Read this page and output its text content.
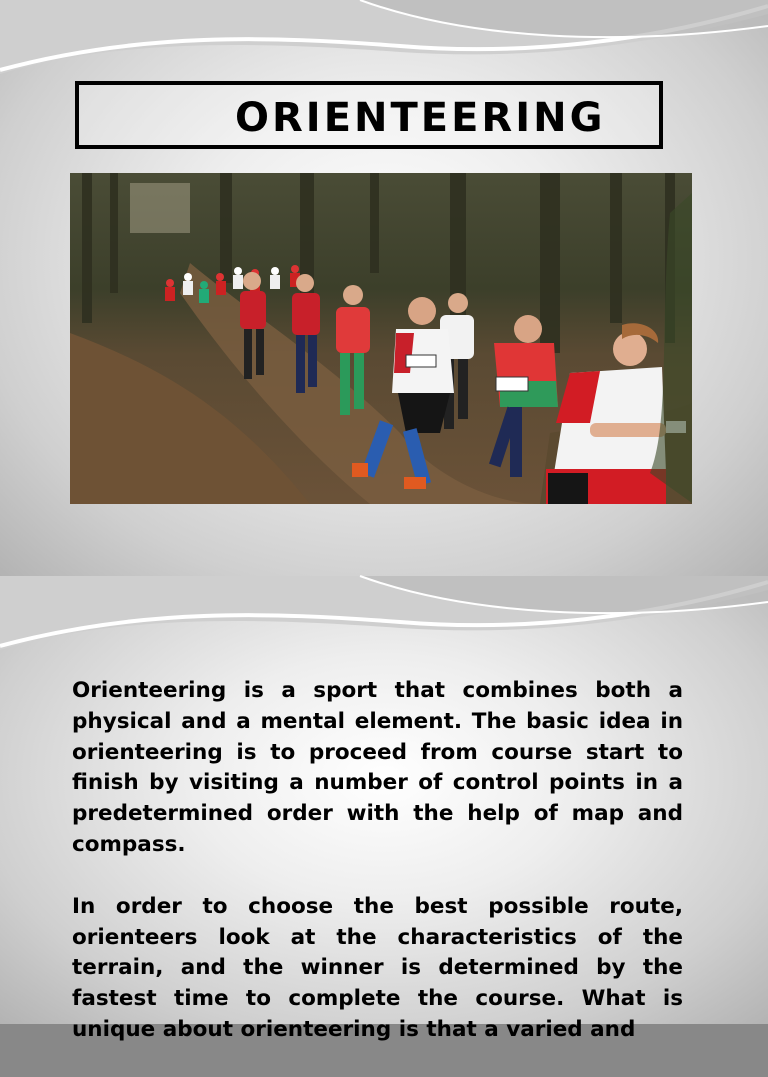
ORIENTEERING

Orienteering is a sport that combines both a physical and a mental element. The basic idea in orienteering is to proceed from course start to finish by visiting a number of control points in a predetermined order with the help of map and compass.

In order to choose the best possible route, orienteers look at the characteristics of the terrain, and the winner is determined by the fastest time to complete the course. What is unique about orienteering is that a varied and
